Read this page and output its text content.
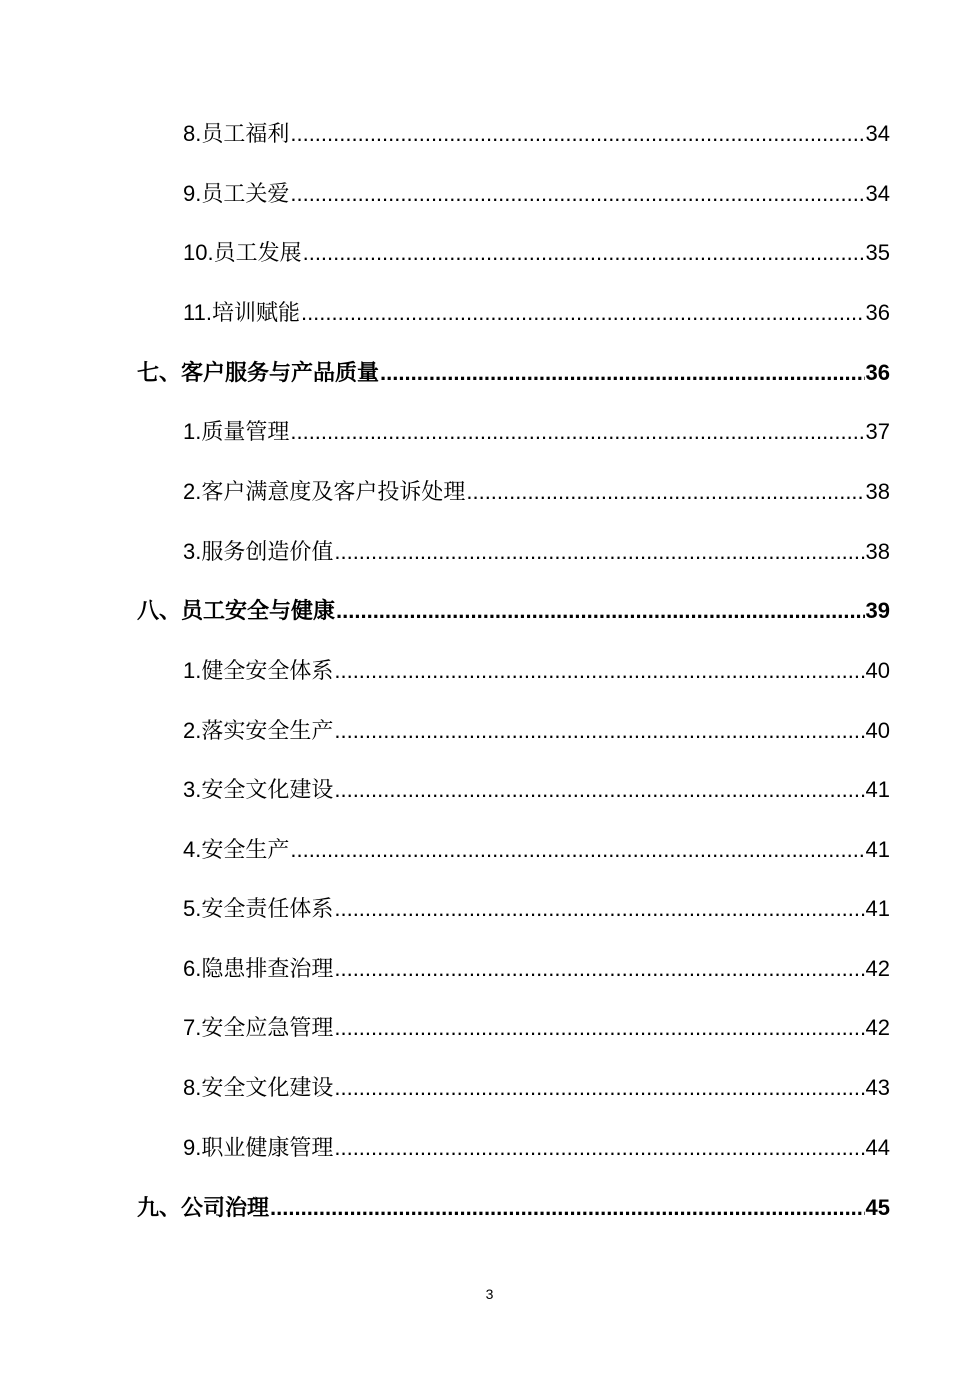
8.员工福利 .....	34
9.员工关爱 .....	34
10.员工发展 .....	35
11.培训赋能 .....	36
七、客户服务与产品质量 .....	36
1.质量管理 .....	37
2.客户满意度及客户投诉处理 .....	38
3.服务创造价值 .....	38
八、员工安全与健康 .....	39
1.健全安全体系 .....	40
2.落实安全生产 .....	40
3.安全文化建设 .....	41
4.安全生产 .....	41
5.安全责任体系 .....	41
6.隐患排查治理 .....	42
7.安全应急管理 .....	42
8.安全文化建设 .....	43
9.职业健康管理 .....	44
九、公司治理 .....	45
3
